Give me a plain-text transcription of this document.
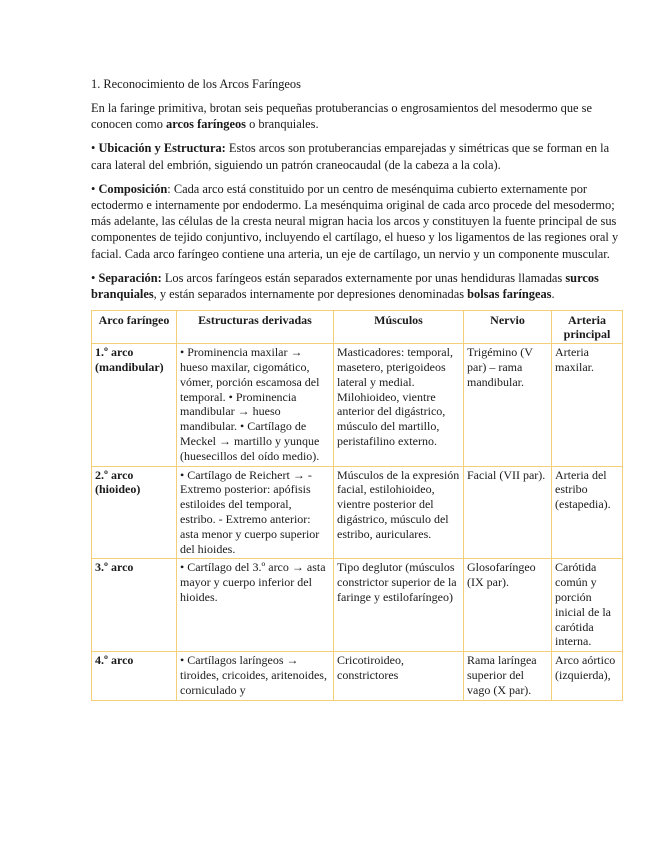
1. Reconocimiento de los Arcos Faríngeos

En la faringe primitiva, brotan seis pequeñas protuberancias o engrosamientos del mesodermo que se conocen como arcos faríngeos o branquiales.

• Ubicación y Estructura: Estos arcos son protuberancias emparejadas y simétricas que se forman en la cara lateral del embrión, siguiendo un patrón craneocaudal (de la cabeza a la cola).

• Composición: Cada arco está constituido por un centro de mesénquima cubierto externamente por ectodermo e internamente por endodermo. La mesénquima original de cada arco procede del mesodermo; más adelante, las células de la cresta neural migran hacia los arcos y constituyen la fuente principal de sus componentes de tejido conjuntivo, incluyendo el cartílago, el hueso y los ligamentos de las regiones oral y facial. Cada arco faríngeo contiene una arteria, un eje de cartílago, un nervio y un componente muscular.

• Separación: Los arcos faríngeos están separados externamente por unas hendiduras llamadas surcos branquiales, y están separados internamente por depresiones denominadas bolsas faríngeas.

Arco faríngeo	Estructuras derivadas	Músculos	Nervio	Arteria principal
1.º arco (mandibular)	• Prominencia maxilar → hueso maxilar, cigomático, vómer, porción escamosa del temporal. • Prominencia mandibular → hueso mandibular. • Cartílago de Meckel → martillo y yunque (huesecillos del oído medio).	Masticadores: temporal, masetero, pterigoideos lateral y medial. Milohioideo, vientre anterior del digástrico, músculo del martillo, peristafilino externo.	Trigémino (V par) – rama mandibular.	Arteria maxilar.
2.º arco (hioideo)	• Cartílago de Reichert → - Extremo posterior: apófisis estiloides del temporal, estribo. - Extremo anterior: asta menor y cuerpo superior del hioides.	Músculos de la expresión facial, estilohioideo, vientre posterior del digástrico, músculo del estribo, auriculares.	Facial (VII par).	Arteria del estribo (estapedia).
3.º arco	• Cartílago del 3.º arco → asta mayor y cuerpo inferior del hioides.	Tipo deglutor (músculos constrictor superior de la faringe y estilofaríngeo)	Glosofaríngeo (IX par).	Carótida común y porción inicial de la carótida interna.
4.º arco	• Cartílagos laríngeos → tiroides, cricoides, aritenoides, corniculado y	Cricotiroideo, constrictores	Rama laríngea superior del vago (X par).	Arco aórtico (izquierda),
